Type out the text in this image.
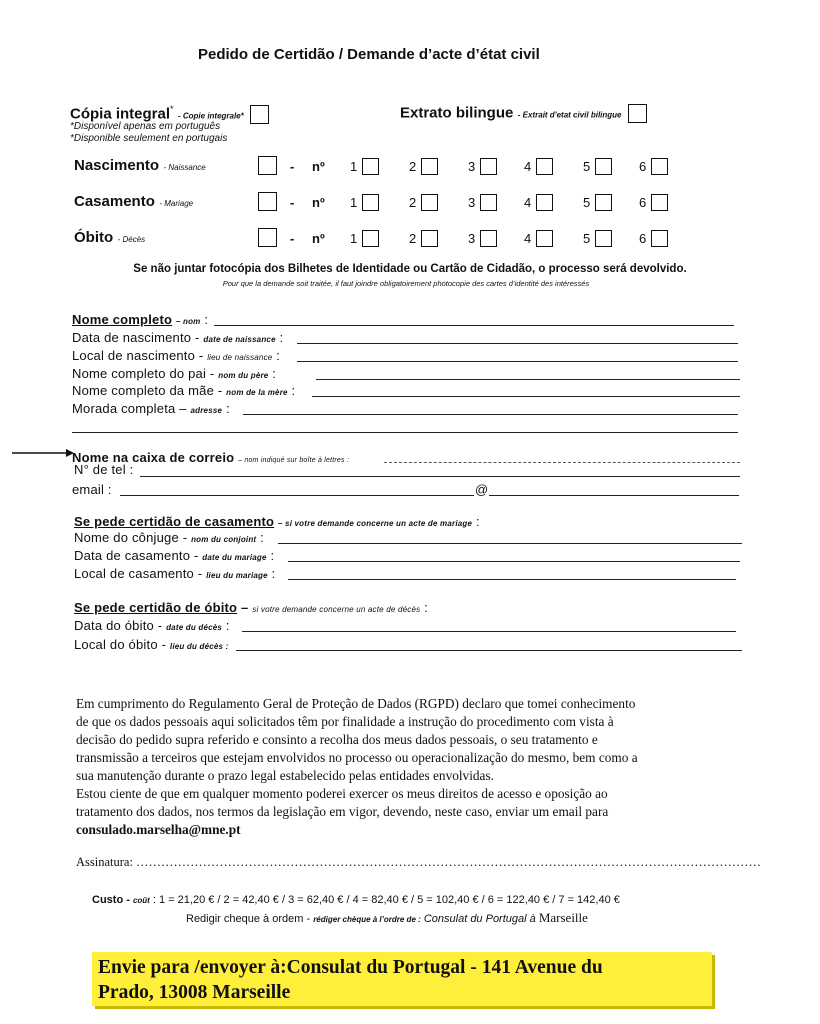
Pedido de Certidão / Demande d’acte d’état civil
Cópia integral* - Copie integrale*
*Disponível apenas em português
*Disponible seulement en portugais
Extrato bilingue - Extrait d'etat civil bilingue
Nascimento - Naissance	- nº 1	2	3	4	5	6
Casamento - Mariage	- nº 1	2	3	4	5	6
Óbito - Décès	- nº 1	2	3	4	5	6
Se não juntar fotocópia dos Bilhetes de Identidade ou Cartão de Cidadão, o processo será devolvido.
Pour que la demande soit traitée, il faut joindre obligatoirement photocopie des cartes d’identité des intéressés
Nome completo – nom :
Data de nascimento - date de naissance :
Local de nascimento - lieu de naissance :
Nome completo do pai - nom du père :
Nome completo da mãe - nom de la mère :
Morada completa – adresse :
Nome na caixa de correio – nom indiqué sur boîte à lettres :
N° de tel :
email :	@
Se pede certidão de casamento – si votre demande concerne un acte de mariage :
Nome do cônjuge - nom du conjoint :
Data de casamento - date du mariage :
Local de casamento - lieu du mariage :
Se pede certidão de óbito – si votre demande concerne un acte de décès :
Data do óbito - date du décès :
Local do óbito - lieu du décès :
Em cumprimento do Regulamento Geral de Proteção de Dados (RGPD) declaro que tomei conhecimento
de que os dados pessoais aqui solicitados têm por finalidade a instrução do procedimento com vista à
decisão do pedido supra referido e consinto a recolha dos meus dados pessoais, o seu tratamento e
transmissão a terceiros que estejam envolvidos no processo ou operacionalização do mesmo, bem como a
sua manutenção durante o prazo legal estabelecido pelas entidades envolvidas.
Estou ciente de que em qualquer momento poderei exercer os meus direitos de acesso e oposição ao
tratamento dos dados, nos termos da legislação em vigor, devendo, neste caso, enviar um email para
consulado.marselha@mne.pt
Assinatura: ……………………………………………………………………………………………………………………………………
Custo - coût : 1 = 21,20 € / 2 = 42,40 € / 3 = 62,40 € / 4 = 82,40 € / 5 = 102,40 € / 6 = 122,40 € / 7 = 142,40 €
Redigir cheque à ordem - rédiger chèque à l’ordre de : Consulat du Portugal à Marseille
Envie para /envoyer à:Consulat du Portugal - 141 Avenue du
Prado, 13008 Marseille
